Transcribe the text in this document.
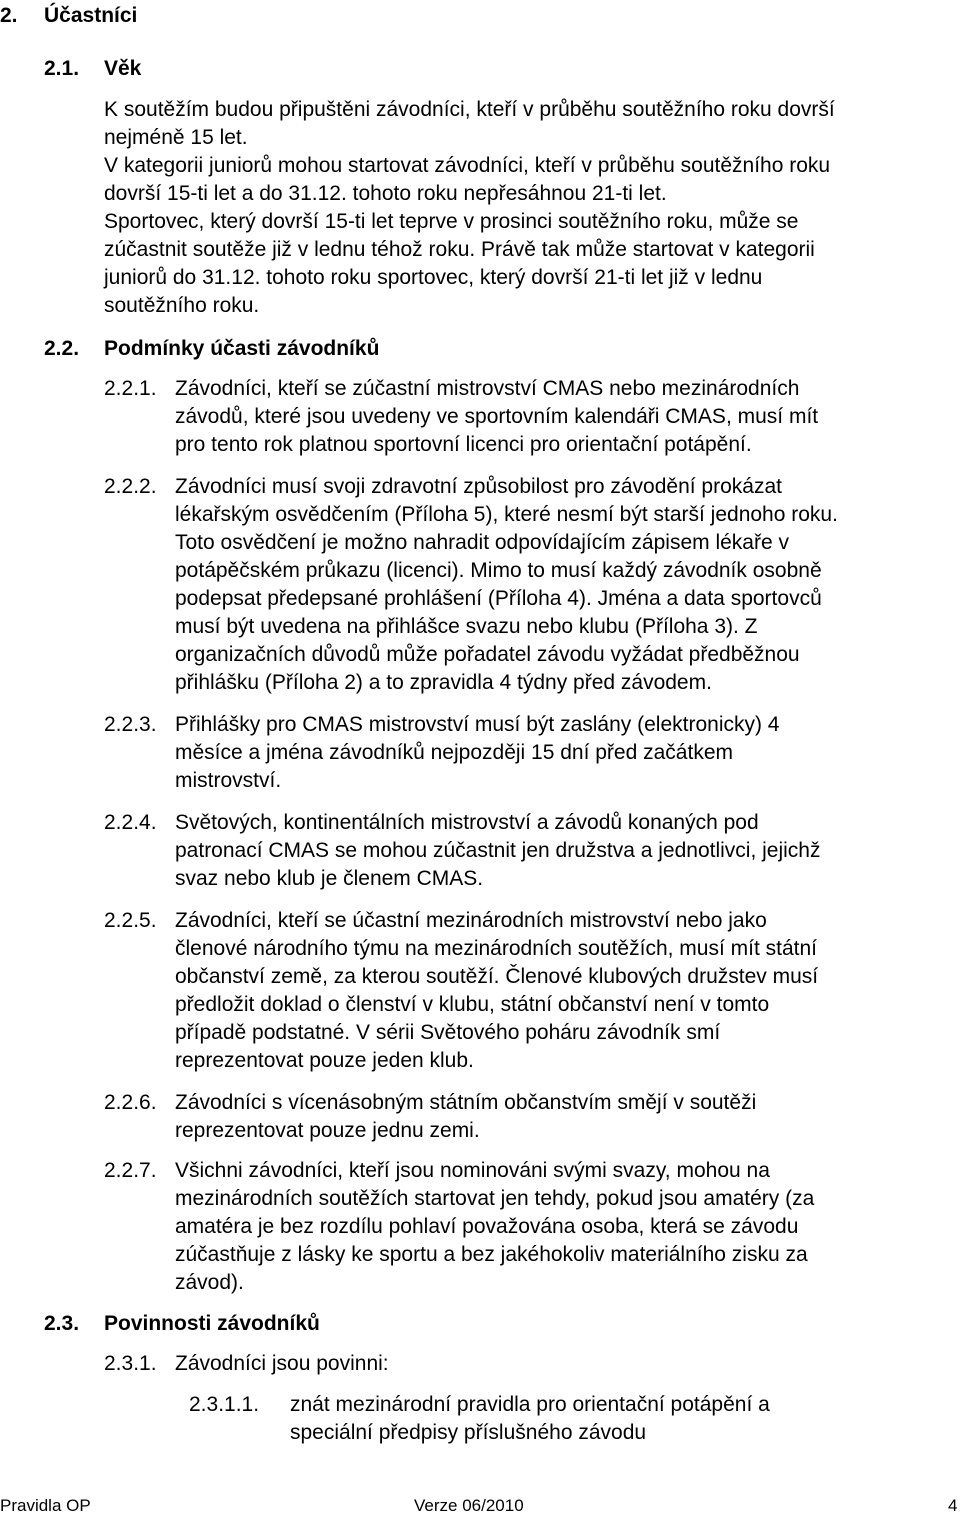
2. Účastníci
2.1. Věk
K soutěžím budou připuštěni závodníci, kteří v průběhu soutěžního roku dovrší
nejméně 15 let.
V kategorii juniorů mohou startovat závodníci, kteří v průběhu soutěžního roku
dovrší 15-ti let a do 31.12. tohoto roku nepřesáhnou 21-ti let.
Sportovec, který dovrší 15-ti let teprve v prosinci soutěžního roku, může se
zúčastnit soutěže již v lednu téhož roku. Právě tak může startovat v kategorii
juniorů do 31.12. tohoto roku sportovec, který dovrší 21-ti let již v lednu
soutěžního roku.
2.2. Podmínky účasti závodníků
2.2.1. Závodníci, kteří se zúčastní mistrovství CMAS nebo mezinárodních
závodů, které jsou uvedeny ve sportovním kalendáři CMAS, musí mít
pro tento rok platnou sportovní licenci pro orientační potápění.
2.2.2. Závodníci musí svoji zdravotní způsobilost pro závodění prokázat
lékařským osvědčením (Příloha 5), které nesmí být starší jednoho roku.
Toto osvědčení je možno nahradit odpovídajícím zápisem lékaře v
potápěčském průkazu (licenci). Mimo to musí každý závodník osobně
podepsat předepsané prohlášení (Příloha 4). Jména a data sportovců
musí být uvedena na přihlášce svazu nebo klubu (Příloha 3). Z
organizačních důvodů může pořadatel závodu vyžádat předběžnou
přihlášku (Příloha 2) a to zpravidla 4 týdny před závodem.
2.2.3. Přihlášky pro CMAS mistrovství musí být zaslány (elektronicky) 4
měsíce a jména závodníků nejpozději 15 dní před začátkem
mistrovství.
2.2.4. Světových, kontinentálních mistrovství a závodů konaných pod
patronací CMAS se mohou zúčastnit jen družstva a jednotlivci, jejichž
svaz nebo klub je členem CMAS.
2.2.5. Závodníci, kteří se účastní mezinárodních mistrovství nebo jako
členové národního týmu na mezinárodních soutěžích, musí mít státní
občanství země, za kterou soutěží. Členové klubových družstev musí
předložit doklad o členství v klubu, státní občanství není v tomto
případě podstatné. V sérii Světového poháru závodník smí
reprezentovat pouze jeden klub.
2.2.6. Závodníci s vícenásobným státním občanstvím smějí v soutěži
reprezentovat pouze jednu zemi.
2.2.7. Všichni závodníci, kteří jsou nominováni svými svazy, mohou na
mezinárodních soutěžích startovat jen tehdy, pokud jsou amatéry (za
amatéra je bez rozdílu pohlaví považována osoba, která se závodu
zúčastňuje z lásky ke sportu a bez jakéhokoliv materiálního zisku za
závod).
2.3. Povinnosti závodníků
2.3.1. Závodníci jsou povinni:
2.3.1.1. znát mezinárodní pravidla pro orientační potápění a
speciální předpisy příslušného závodu
Pravidla OP	Verze 06/2010	4
